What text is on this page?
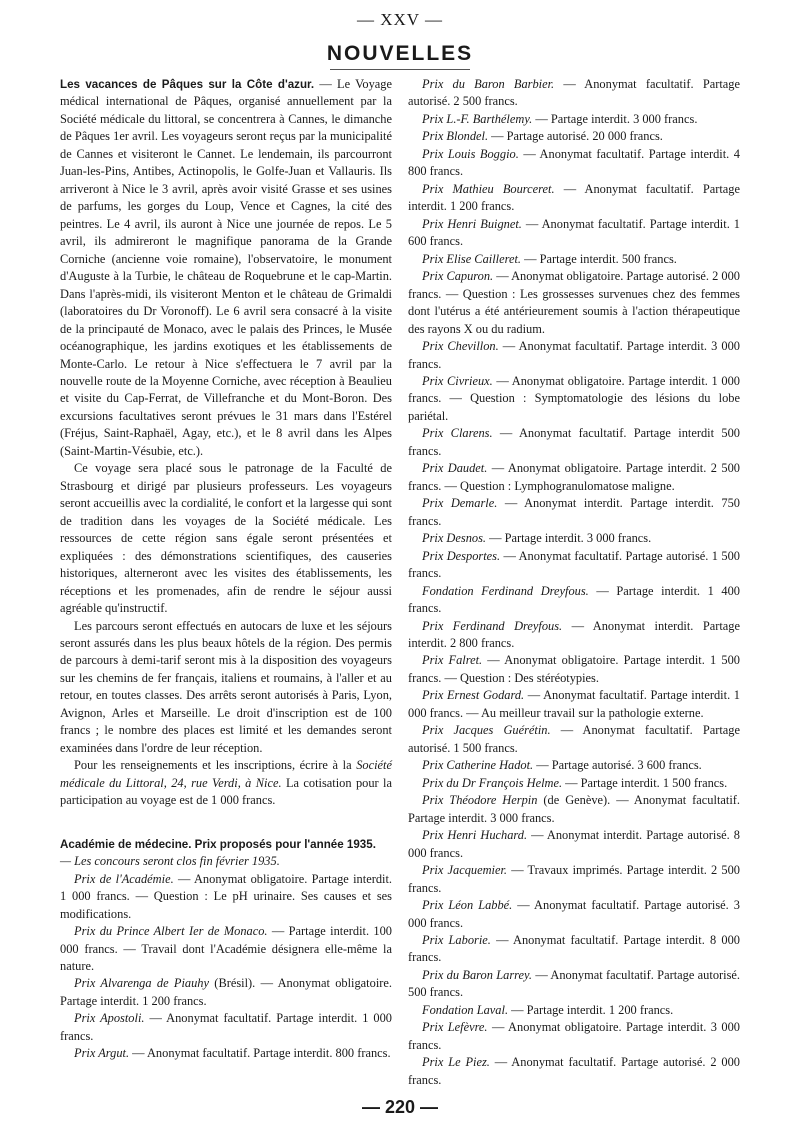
— XXV —
NOUVELLES

Les vacances de Pâques sur la Côte d'azur. — Le Voyage médical international de Pâques, organisé annuellement par la Société médicale du littoral, se concentrera à Cannes, le dimanche de Pâques 1er avril. Les voyageurs seront reçus par la municipalité de Cannes et visiteront le Cannet. Le lendemain, ils parcourront Juan-les-Pins, Antibes, Actinopolis, le Golfe-Juan et Vallauris. Ils arriveront à Nice le 3 avril, après avoir visité Grasse et ses usines de parfums, les gorges du Loup, Vence et Cagnes, la cité des peintres. Le 4 avril, ils auront à Nice une journée de repos. Le 5 avril, ils admireront le magnifique panorama de la Grande Corniche (ancienne voie romaine), l'observatoire, le monument d'Auguste à la Turbie, le château de Roquebrune et le cap-Martin. Dans l'après-midi, ils visiteront Menton et le château de Grimaldi (laboratoires du Dr Voronoff). Le 6 avril sera consacré à la visite de la principauté de Monaco, avec le palais des Princes, le Musée océanographique, les jardins exotiques et les établissements de Monte-Carlo. Le retour à Nice s'effectuera le 7 avril par la nouvelle route de la Moyenne Corniche, avec réception à Beaulieu et visite du Cap-Ferrat, de Villefranche et du Mont-Boron. Des excursions facultatives seront prévues le 31 mars dans l'Estérel (Fréjus, Saint-Raphaël, Agay, etc.), et le 8 avril dans les Alpes (Saint-Martin-Vésubie, etc.).

Ce voyage sera placé sous le patronage de la Faculté de Strasbourg et dirigé par plusieurs professeurs. Les voyageurs seront accueillis avec la cordialité, le confort et la largesse qui sont de tradition dans les voyages de la Société médicale. Les ressources de cette région sans égale seront présentées et expliquées : des démonstrations scientifiques, des causeries historiques, alterneront avec les visites des établissements, les réceptions et les promenades, afin de rendre le séjour aussi agréable qu'instructif.

Les parcours seront effectués en autocars de luxe et les séjours seront assurés dans les plus beaux hôtels de la région. Des permis de parcours à demi-tarif seront mis à la disposition des voyageurs sur les chemins de fer français, italiens et roumains, à l'aller et au retour, en toutes classes. Des arrêts seront autorisés à Paris, Lyon, Avignon, Arles et Marseille. Le droit d'inscription est de 100 francs ; le nombre des places est limité et les demandes seront examinées dans l'ordre de leur réception.

Pour les renseignements et les inscriptions, écrire à la Société médicale du Littoral, 24, rue Verdi, à Nice. La cotisation pour la participation au voyage est de 1 000 francs.

Académie de médecine. Prix proposés pour l'année 1935.

— Les concours seront clos fin février 1935.

Prix de l'Académie. — Anonymat obligatoire. Partage interdit. 1 000 francs. — Question : Le pH urinaire. Ses causes et ses modifications.

Prix du Prince Albert Ier de Monaco. — Partage interdit. 100 000 francs. — Travail dont l'Académie désignera elle-même la nature.

Prix Alvarenga de Piauhy (Brésil). — Anonymat obligatoire. Partage interdit. 1 200 francs.

Prix Apostoli. — Anonymat facultatif. Partage interdit. 1 000 francs.

Prix Argut. — Anonymat facultatif. Partage interdit. 800 francs.

Prix du Baron Barbier. — Anonymat facultatif. Partage autorisé. 2 500 francs.

Prix L.-F. Barthélemy. — Partage interdit. 3 000 francs.

Prix Blondel. — Partage autorisé. 20 000 francs.

Prix Louis Boggio. — Anonymat facultatif. Partage interdit. 4 800 francs.

Prix Mathieu Bourceret. — Anonymat facultatif. Partage interdit. 1 200 francs.

Prix Henri Buignet. — Anonymat facultatif. Partage interdit. 1 600 francs.

Prix Elise Cailleret. — Partage interdit. 500 francs.

Prix Capuron. — Anonymat obligatoire. Partage autorisé. 2 000 francs. — Question : Les grossesses survenues chez des femmes dont l'utérus a été antérieurement soumis à l'action thérapeutique des rayons X ou du radium.

Prix Chevillon. — Anonymat facultatif. Partage interdit. 3 000 francs.

Prix Civrieux. — Anonymat obligatoire. Partage interdit. 1 000 francs. — Question : Symptomatologie des lésions du lobe pariétal.

Prix Clarens. — Anonymat facultatif. Partage interdit 500 francs.

Prix Daudet. — Anonymat obligatoire. Partage interdit. 2 500 francs. — Question : Lymphogranulomatose maligne.

Prix Demarle. — Anonymat interdit. Partage interdit. 750 francs.

Prix Desnos. — Partage interdit. 3 000 francs.

Prix Desportes. — Anonymat facultatif. Partage autorisé. 1 500 francs.

Fondation Ferdinand Dreyfous. — Partage interdit. 1 400 francs.

Prix Ferdinand Dreyfous. — Anonymat interdit. Partage interdit. 2 800 francs.

Prix Falret. — Anonymat obligatoire. Partage interdit. 1 500 francs. — Question : Des stéréotypies.

Prix Ernest Godard. — Anonymat facultatif. Partage interdit. 1 000 francs. — Au meilleur travail sur la pathologie externe.

Prix Jacques Guérétin. — Anonymat facultatif. Partage autorisé. 1 500 francs.

Prix Catherine Hadot. — Partage autorisé. 3 600 francs.

Prix du Dr François Helme. — Partage interdit. 1 500 francs.

Prix Théodore Herpin (de Genève). — Anonymat facultatif. Partage interdit. 3 000 francs.

Prix Henri Huchard. — Anonymat interdit. Partage autorisé. 8 000 francs.

Prix Jacquemier. — Travaux imprimés. Partage interdit. 2 500 francs.

Prix Léon Labbé. — Anonymat facultatif. Partage autorisé. 3 000 francs.

Prix Laborie. — Anonymat facultatif. Partage interdit. 8 000 francs.

Prix du Baron Larrey. — Anonymat facultatif. Partage autorisé. 500 francs.

Fondation Laval. — Partage interdit. 1 200 francs.

Prix Lefèvre. — Anonymat obligatoire. Partage interdit. 3 000 francs.

Prix Le Piez. — Anonymat facultatif. Partage autorisé. 2 000 francs.

— 220 —
